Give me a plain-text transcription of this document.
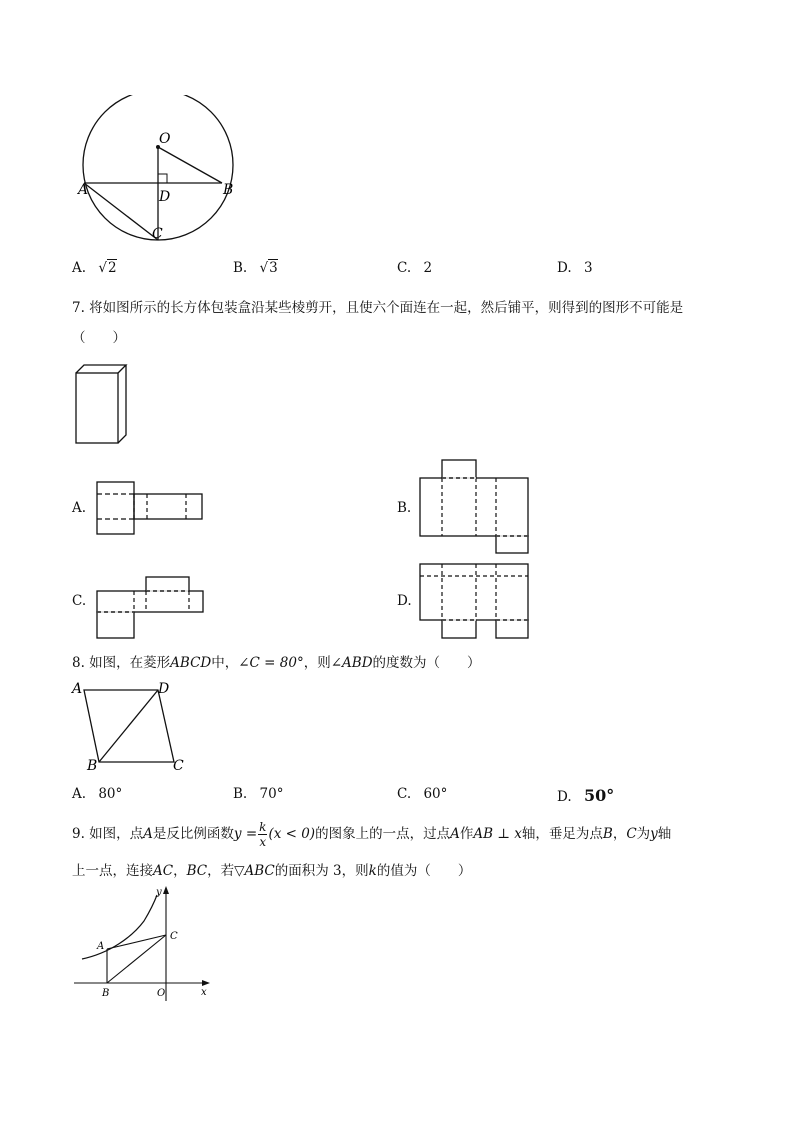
O
A	B
D
C
A. √2	B. √3	C. 2	D. 3
7. 将如图所示的长方体包装盒沿某些棱剪开，且使六个面连在一起，然后铺平，则得到的图形不可能是
（　　）
A.	B.
C.	D.
8. 如图，在菱形ABCD中，∠C = 80°，则∠ABD的度数为（　　）
A	D
B	C
A. 80°	B. 70°	C. 60°	D. 50°
9. 如图，点A是反比例函数$y = \frac{k}{x} (x < 0)$的图象上的一点，过点A作AB ⊥ x轴，垂足为点B，C为y轴
上一点，连接AC，BC，若▽ABC的面积为 3，则k的值为（　　）
y
x
A
B
C
O
